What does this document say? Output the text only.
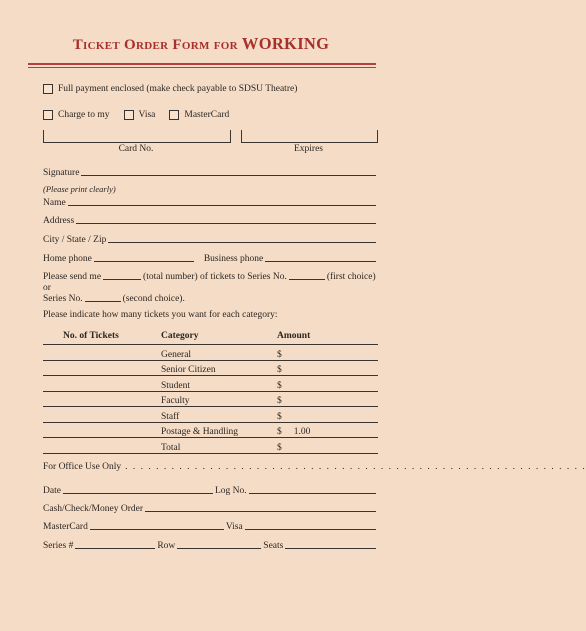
Ticket Order Form for WORKING
Full payment enclosed (make check payable to SDSU Theatre)
Charge to my	Visa	MasterCard
Card No.	Expires
Signature
(Please print clearly)
Name
Address
City / State / Zip
Home phone	Business phone
Please send me	(total number) of tickets to Series No.	(first choice)
or
Series No.	(second choice).
Please indicate how many tickets you want for each category:
No. of Tickets	Category	Amount
	General	$
	Senior Citizen	$
	Student	$
	Faculty	$
	Staff	$
	Postage & Handling	$ 1.00
	Total	$
For Office Use Only . . . . . . . . . . . . . . . . . . . . . . . . . . . . . . . . . . . . . . . . . . . . . . . . . . . . . . . . . . . .
Date	Log No.
Cash/Check/Money Order
MasterCard	Visa
Series #	Row	Seats
